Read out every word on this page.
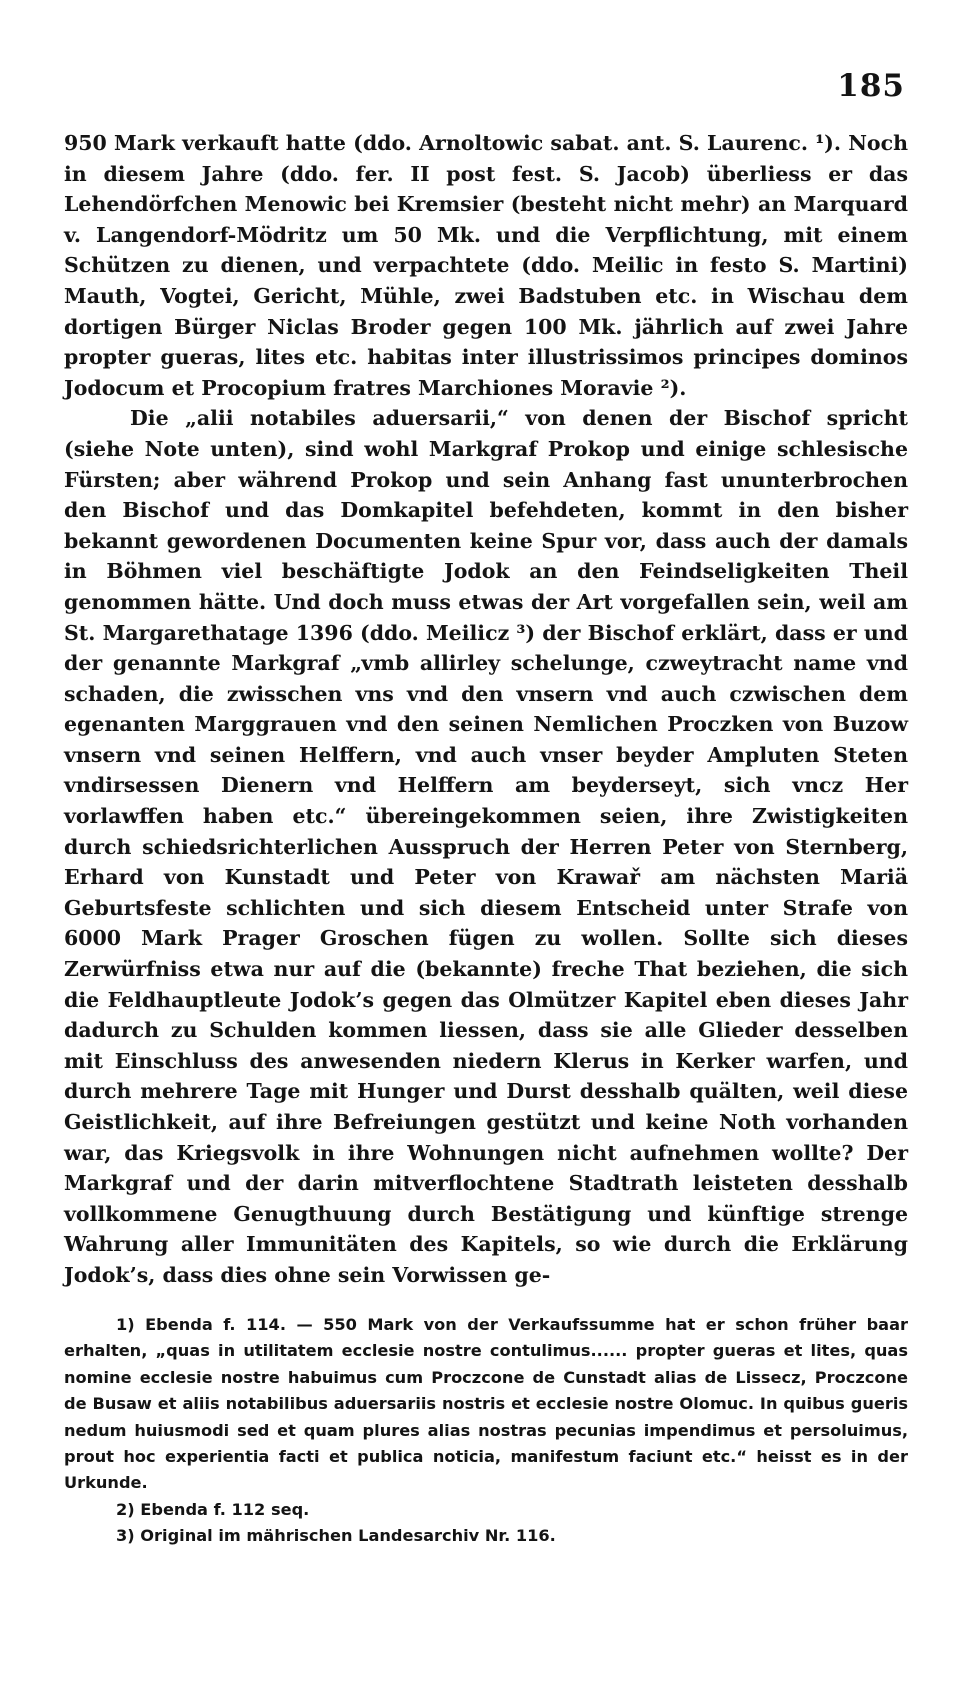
185

950 Mark verkauft hatte (ddo. Arnoltowic sabat. ant. S. Laurenc. ¹). Noch in diesem Jahre (ddo. fer. II post fest. S. Jacob) überliess er das Lehendörfchen Menowic bei Kremsier (besteht nicht mehr) an Marquard v. Langendorf-Mödritz um 50 Mk. und die Verpflichtung, mit einem Schützen zu dienen, und verpachtete (ddo. Meilic in festo S. Martini) Mauth, Vogtei, Gericht, Mühle, zwei Badstuben etc. in Wischau dem dortigen Bürger Niclas Broder gegen 100 Mk. jährlich auf zwei Jahre propter gueras, lites etc. habitas inter illustrissimos principes dominos Jodocum et Procopium fratres Marchiones Moravie ²).

Die „alii notabiles aduersarii,“ von denen der Bischof spricht (siehe Note unten), sind wohl Markgraf Prokop und einige schlesische Fürsten; aber während Prokop und sein Anhang fast ununterbrochen den Bischof und das Domkapitel befehdeten, kommt in den bisher bekannt gewordenen Documenten keine Spur vor, dass auch der damals in Böhmen viel beschäftigte Jodok an den Feindseligkeiten Theil genommen hätte. Und doch muss etwas der Art vorgefallen sein, weil am St. Margarethatage 1396 (ddo. Meilicz ³) der Bischof erklärt, dass er und der genannte Markgraf „vmb allirley schelunge, czweytracht name vnd schaden, die zwisschen vns vnd den vnsern vnd auch czwischen dem egenanten Marggrauen vnd den seinen Nemlichen Proczken von Buzow vnsern vnd seinen Helffern, vnd auch vnser beyder Ampluten Steten vndirsessen Dienern vnd Helffern am beyderseyt, sich vncz Her vorlawffen haben etc.“ übereingekommen seien, ihre Zwistigkeiten durch schiedsrichterlichen Ausspruch der Herren Peter von Sternberg, Erhard von Kunstadt und Peter von Krawař am nächsten Mariä Geburtsfeste schlichten und sich diesem Entscheid unter Strafe von 6000 Mark Prager Groschen fügen zu wollen. Sollte sich dieses Zerwürfniss etwa nur auf die (bekannte) freche That beziehen, die sich die Feldhauptleute Jodok’s gegen das Olmützer Kapitel eben dieses Jahr dadurch zu Schulden kommen liessen, dass sie alle Glieder desselben mit Einschluss des anwesenden niedern Klerus in Kerker warfen, und durch mehrere Tage mit Hunger und Durst desshalb quälten, weil diese Geistlichkeit, auf ihre Befreiungen gestützt und keine Noth vorhanden war, das Kriegsvolk in ihre Wohnungen nicht aufnehmen wollte? Der Markgraf und der darin mitverflochtene Stadtrath leisteten desshalb vollkommene Genugthuung durch Bestätigung und künftige strenge Wahrung aller Immunitäten des Kapitels, so wie durch die Erklärung Jodok’s, dass dies ohne sein Vorwissen ge-

1) Ebenda f. 114. — 550 Mark von der Verkaufssumme hat er schon früher baar erhalten, „quas in utilitatem ecclesie nostre contulimus...... propter gueras et lites, quas nomine ecclesie nostre habuimus cum Proczcone de Cunstadt alias de Lissecz, Proczcone de Busaw et aliis notabilibus aduersariis nostris et ecclesie nostre Olomuc. In quibus gueris nedum huiusmodi sed et quam plures alias nostras pecunias impendimus et persoluimus, prout hoc experientia facti et publica noticia, manifestum faciunt etc.“ heisst es in der Urkunde.

2) Ebenda f. 112 seq.

3) Original im mährischen Landesarchiv Nr. 116.
